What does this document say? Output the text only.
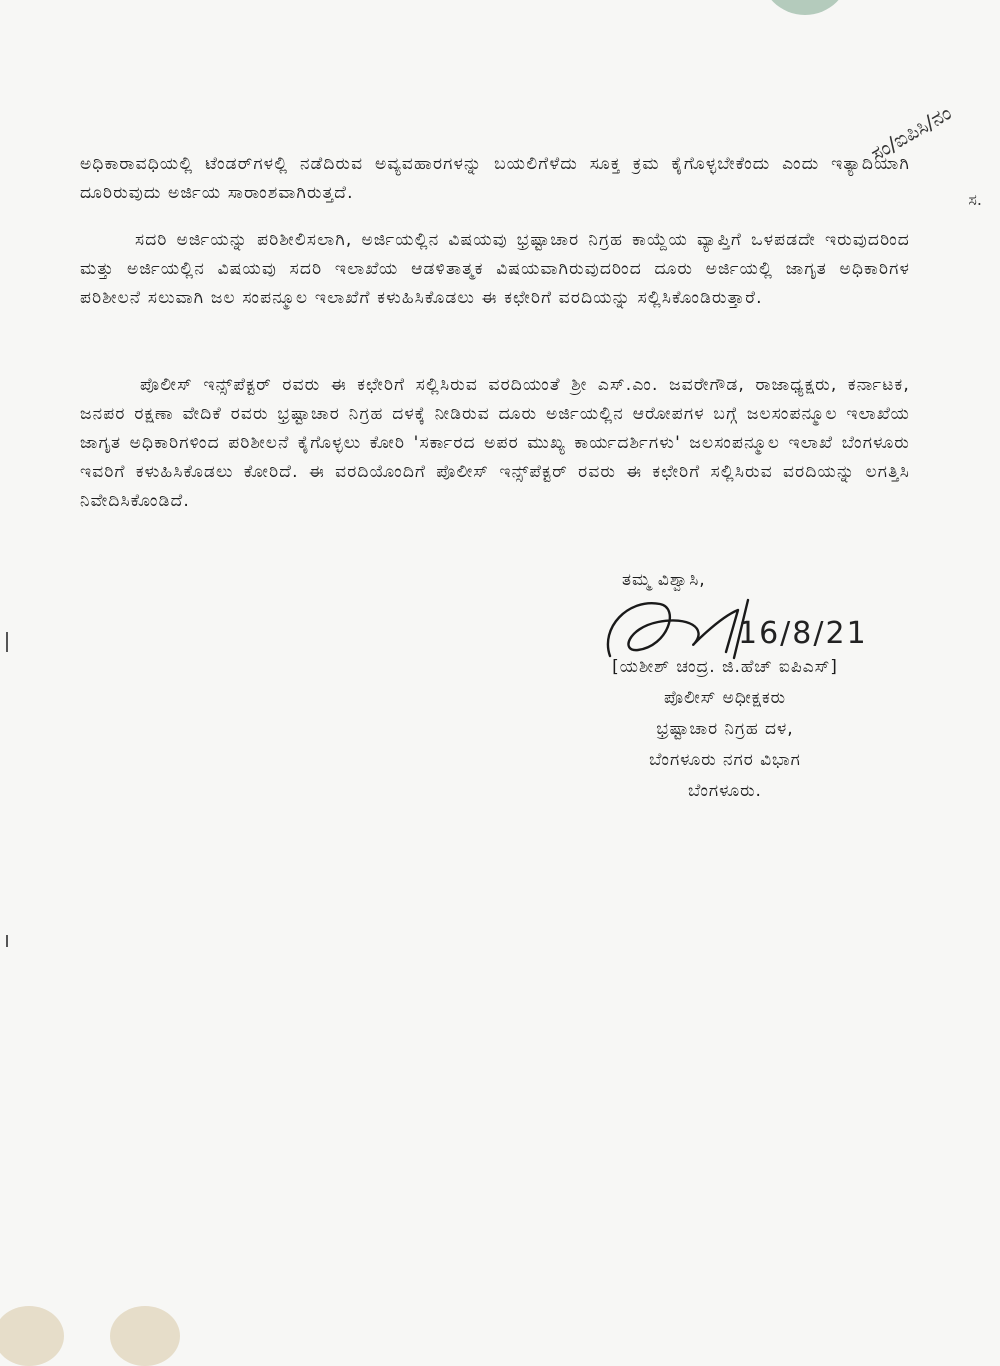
ಸಂ/ಐಪಿಸಿ/ನಂ
ಸ.

ಅಧಿಕಾರಾವಧಿಯಲ್ಲಿ ಟೆಂಡರ್‌ಗಳಲ್ಲಿ ನಡೆದಿರುವ ಅವ್ಯವಹಾರಗಳನ್ನು ಬಯಲಿಗೆಳೆದು ಸೂಕ್ತ ಕ್ರಮ ಕೈಗೊಳ್ಳಬೇಕೆಂದು ಎಂದು ಇತ್ಯಾದಿಯಾಗಿ ದೂರಿರುವುದು ಅರ್ಜಿಯ ಸಾರಾಂಶವಾಗಿರುತ್ತದೆ.

ಸದರಿ ಅರ್ಜಿಯನ್ನು ಪರಿಶೀಲಿಸಲಾಗಿ, ಅರ್ಜಿಯಲ್ಲಿನ ವಿಷಯವು ಭ್ರಷ್ಟಾಚಾರ ನಿಗ್ರಹ ಕಾಯ್ದೆಯ ವ್ಯಾಪ್ತಿಗೆ ಒಳಪಡದೇ ಇರುವುದರಿಂದ ಮತ್ತು ಅರ್ಜಿಯಲ್ಲಿನ ವಿಷಯವು ಸದರಿ ಇಲಾಖೆಯ ಆಡಳಿತಾತ್ಮಕ ವಿಷಯವಾಗಿರುವುದರಿಂದ ದೂರು ಅರ್ಜಿಯಲ್ಲಿ ಜಾಗೃತ ಅಧಿಕಾರಿಗಳ ಪರಿಶೀಲನೆ ಸಲುವಾಗಿ ಜಲ ಸಂಪನ್ಮೂಲ ಇಲಾಖೆಗೆ ಕಳುಹಿಸಿಕೊಡಲು ಈ ಕಛೇರಿಗೆ ವರದಿಯನ್ನು ಸಲ್ಲಿಸಿಕೊಂಡಿರುತ್ತಾರೆ.

ಪೊಲೀಸ್ ಇನ್ಸ್‌ಪೆಕ್ಟರ್ ರವರು ಈ ಕಛೇರಿಗೆ ಸಲ್ಲಿಸಿರುವ ವರದಿಯಂತೆ ಶ್ರೀ ಎಸ್.ಎಂ. ಜವರೇಗೌಡ, ರಾಜಾಧ್ಯಕ್ಷರು, ಕರ್ನಾಟಕ, ಜನಪರ ರಕ್ಷಣಾ ವೇದಿಕೆ ರವರು ಭ್ರಷ್ಟಾಚಾರ ನಿಗ್ರಹ ದಳಕ್ಕೆ ನೀಡಿರುವ ದೂರು ಅರ್ಜಿಯಲ್ಲಿನ ಆರೋಪಗಳ ಬಗ್ಗೆ ಜಲಸಂಪನ್ಮೂಲ ಇಲಾಖೆಯ ಜಾಗೃತ ಅಧಿಕಾರಿಗಳಿಂದ ಪರಿಶೀಲನೆ ಕೈಗೊಳ್ಳಲು ಕೋರಿ 'ಸರ್ಕಾರದ ಅಪರ ಮುಖ್ಯ ಕಾರ್ಯದರ್ಶಿಗಳು' ಜಲಸಂಪನ್ಮೂಲ ಇಲಾಖೆ ಬೆಂಗಳೂರು ಇವರಿಗೆ ಕಳುಹಿಸಿಕೊಡಲು ಕೋರಿದೆ. ಈ ವರದಿಯೊಂದಿಗೆ ಪೊಲೀಸ್ ಇನ್ಸ್‌ಪೆಕ್ಟರ್ ರವರು ಈ ಕಛೇರಿಗೆ ಸಲ್ಲಿಸಿರುವ ವರದಿಯನ್ನು ಲಗತ್ತಿಸಿ ನಿವೇದಿಸಿಕೊಂಡಿದೆ.

ತಮ್ಮ ವಿಶ್ವಾಸಿ,
16/8/21
[ಯಶೀಶ್ ಚಂದ್ರ. ಜಿ.ಹೆಚ್ ಐಪಿಎಸ್]
ಪೊಲೀಸ್ ಅಧೀಕ್ಷಕರು
ಭ್ರಷ್ಟಾಚಾರ ನಿಗ್ರಹ ದಳ,
ಬೆಂಗಳೂರು ನಗರ ವಿಭಾಗ
ಬೆಂಗಳೂರು.
